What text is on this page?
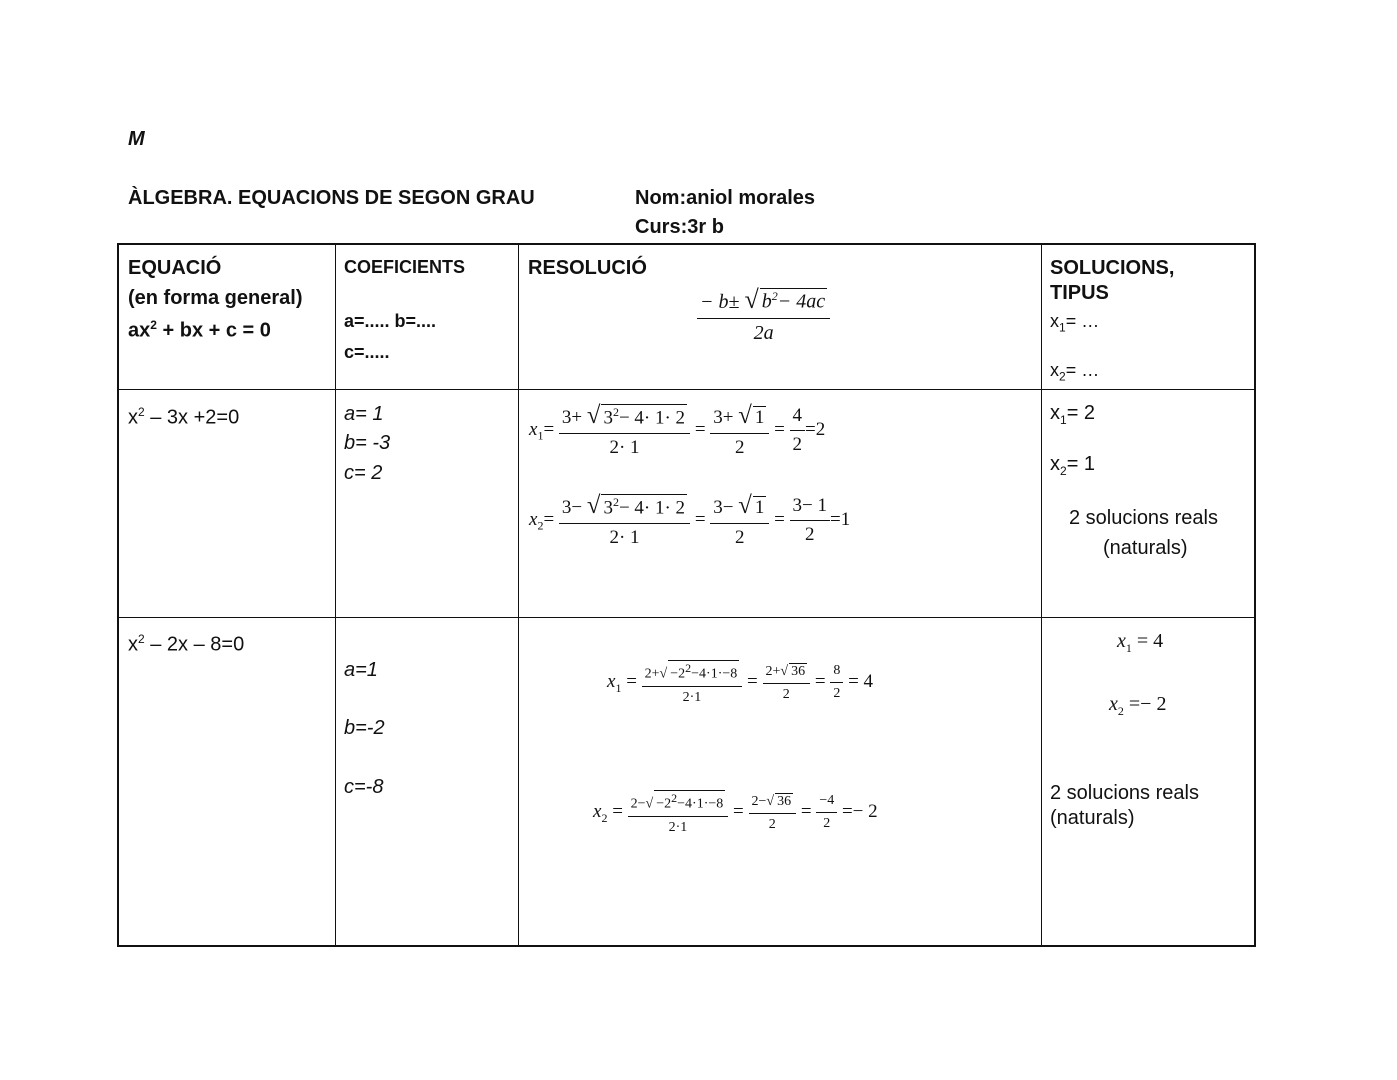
M
ÀLGEBRA. EQUACIONS DE SEGON GRAU	Nom:aniol morales
Curs:3r b
EQUACIÓ
(en forma general)
$ax^2$ + bx + c = 0
COEFICIENTS
a=..... b=....
c=.....
RESOLUCIÓ
$\frac{- b\pm √ b^2- 4ac}{2a}$
SOLUCIONS,
TIPUS
$x_1=$ …
$x_2=$ …
$x^2 - 3x +2=0$	a= 1
b= -3
c= 2
$x_1= \frac{3+ √ 3^2- 4\cdot 1\cdot 2}{2\cdot 1} = \frac{3+ √ 1}{2} = \frac{4}{2} =2$
$x_2= \frac{3- √ 3^2- 4\cdot 1\cdot 2}{2\cdot 1} = \frac{3- √ 1}{2} = \frac{3- 1}{2} =1$
$x_1= 2$
$x_2= 1$
2 solucions reals
(naturals)
$x^2 - 2x - 8=0$
a=1
b=-2
c=-8
$x_1 = \frac{2+√ -2^2-4\cdot 1\cdot-8}{2\cdot 1} = \frac{2+√ 36}{2} = \frac{8}{2} = 4$
$x_2 = \frac{2-√ -2^2-4\cdot 1\cdot-8}{2\cdot 1} = \frac{2-√ 36}{2} = \frac{-4}{2} =- 2$
$x_1 = 4$
$x_2 =- 2$
2 solucions reals
(naturals)
